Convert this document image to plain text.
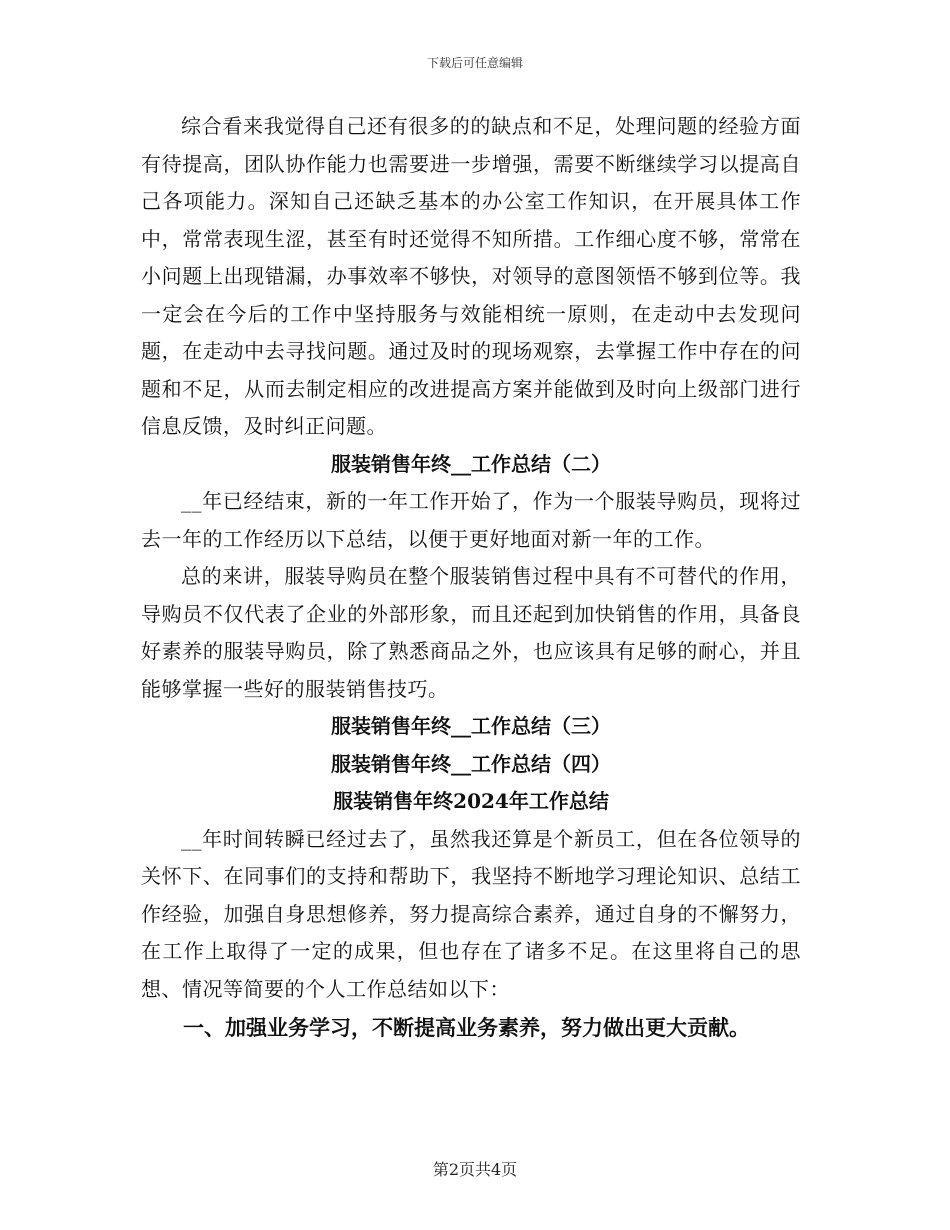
下载后可任意编辑

综合看来我觉得自己还有很多的的缺点和不足，处理问题的经验方面有待提高，团队协作能力也需要进一步增强，需要不断继续学习以提高自己各项能力。深知自己还缺乏基本的办公室工作知识，在开展具体工作中，常常表现生涩，甚至有时还觉得不知所措。工作细心度不够，常常在小问题上出现错漏，办事效率不够快，对领导的意图领悟不够到位等。我一定会在今后的工作中坚持服务与效能相统一原则，在走动中去发现问题，在走动中去寻找问题。通过及时的现场观察，去掌握工作中存在的问题和不足，从而去制定相应的改进提高方案并能做到及时向上级部门进行信息反馈，及时纠正问题。

服装销售年终__工作总结（二）

__年已经结束，新的一年工作开始了，作为一个服装导购员，现将过去一年的工作经历以下总结，以便于更好地面对新一年的工作。

总的来讲，服装导购员在整个服装销售过程中具有不可替代的作用，导购员不仅代表了企业的外部形象，而且还起到加快销售的作用，具备良好素养的服装导购员，除了熟悉商品之外，也应该具有足够的耐心，并且能够掌握一些好的服装销售技巧。

服装销售年终__工作总结（三）

服装销售年终__工作总结（四）

服装销售年终2024年工作总结

__年时间转瞬已经过去了，虽然我还算是个新员工，但在各位领导的关怀下、在同事们的支持和帮助下，我坚持不断地学习理论知识、总结工作经验，加强自身思想修养，努力提高综合素养，通过自身的不懈努力，在工作上取得了一定的成果，但也存在了诸多不足。在这里将自己的思想、情况等简要的个人工作总结如以下：

一、加强业务学习，不断提高业务素养，努力做出更大贡献。

第2页共4页
